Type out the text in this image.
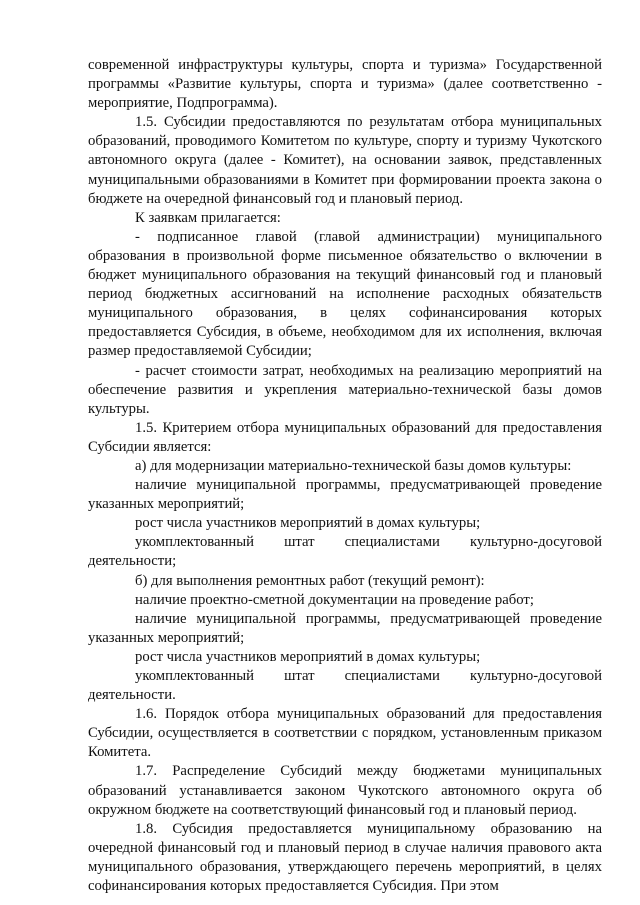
современной инфраструктуры культуры, спорта и туризма» Государственной программы «Развитие культуры, спорта и туризма» (далее соответственно - мероприятие, Подпрограмма).

1.5. Субсидии предоставляются по результатам отбора муниципальных образований, проводимого Комитетом по культуре, спорту и туризму Чукотского автономного округа (далее - Комитет), на основании заявок, представленных муниципальными образованиями в Комитет при формировании проекта закона о бюджете на очередной финансовый год и плановый период.

К заявкам прилагается:

- подписанное главой (главой администрации) муниципального образования в произвольной форме письменное обязательство о включении в бюджет муниципального образования на текущий финансовый год и плановый период бюджетных ассигнований на исполнение расходных обязательств муниципального образования, в целях софинансирования которых предоставляется Субсидия, в объеме, необходимом для их исполнения, включая размер предоставляемой Субсидии;

- расчет стоимости затрат, необходимых на реализацию мероприятий на обеспечение развития и укрепления материально-технической базы домов культуры.

1.5. Критерием отбора муниципальных образований для предоставления Субсидии является:

а) для модернизации материально-технической базы домов культуры:

наличие муниципальной программы, предусматривающей проведение указанных мероприятий;

рост числа участников мероприятий в домах культуры;

укомплектованный штат специалистами культурно-досуговой деятельности;

б) для выполнения ремонтных работ (текущий ремонт):

наличие проектно-сметной документации на проведение работ;

наличие муниципальной программы, предусматривающей проведение указанных мероприятий;

рост числа участников мероприятий в домах культуры;

укомплектованный штат специалистами культурно-досуговой деятельности.

1.6. Порядок отбора муниципальных образований для предоставления Субсидии, осуществляется в соответствии с порядком, установленным приказом Комитета.

1.7. Распределение Субсидий между бюджетами муниципальных образований устанавливается законом Чукотского автономного округа об окружном бюджете на соответствующий финансовый год и плановый период.

1.8. Субсидия предоставляется муниципальному образованию на очередной финансовый год и плановый период в случае наличия правового акта муниципального образования, утверждающего перечень мероприятий, в целях софинансирования которых предоставляется Субсидия. При этом
